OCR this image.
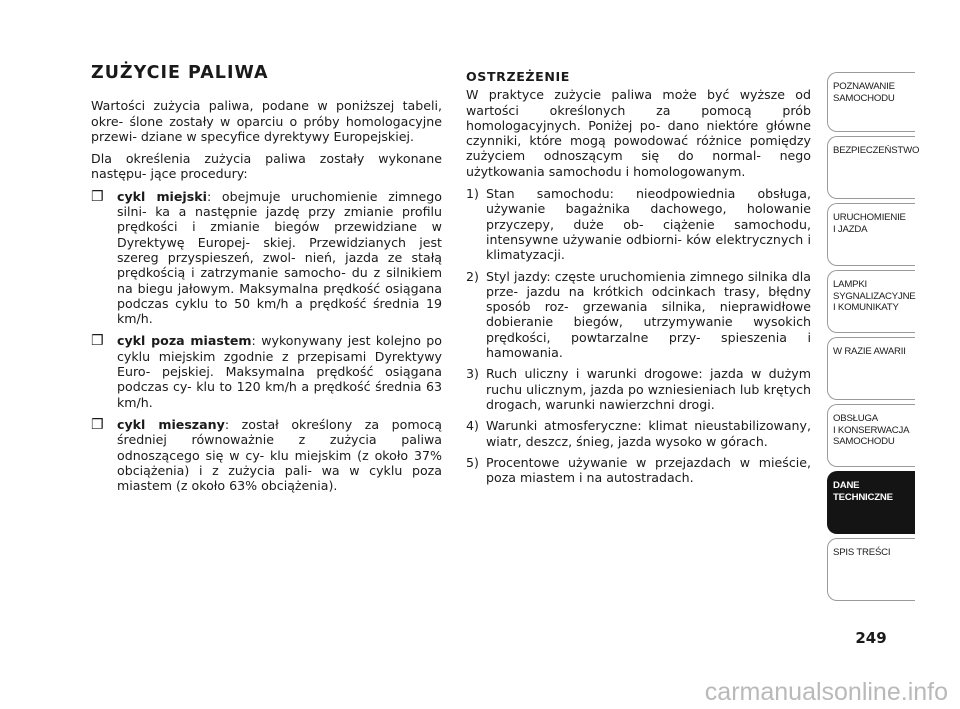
ZUŻYCIE PALIWA

Wartości zużycia paliwa, podane w poniższej tabeli, okre- ślone zostały w oparciu o próby homologacyjne przewi- dziane w specyfice dyrektywy Europejskiej.

Dla określenia zużycia paliwa zostały wykonane następu- jące procedury:

❒ cykl miejski: obejmuje uruchomienie zimnego silni- ka a następnie jazdę przy zmianie profilu prędkości i zmianie biegów przewidziane w Dyrektywę Europej- skiej. Przewidzianych jest szereg przyspieszeń, zwol- nień, jazda ze stałą prędkością i zatrzymanie samocho- du z silnikiem na biegu jałowym. Maksymalna prędkość osiągana podczas cyklu to 50 km/h a prędkość średnia 19 km/h.
❒ cykl poza miastem: wykonywany jest kolejno po cyklu miejskim zgodnie z przepisami Dyrektywy Euro- pejskiej. Maksymalna prędkość osiągana podczas cy- klu to 120 km/h a prędkość średnia 63 km/h.
❒ cykl mieszany: został określony za pomocą średniej równoważnie z zużycia paliwa odnoszącego się w cy- klu miejskim (z około 37% obciążenia) i z zużycia pali- wa w cyklu poza miastem (z około 63% obciążenia).
OSTRZEŻENIE

W praktyce zużycie paliwa może być wyższe od wartości określonych za pomocą prób homologacyjnych. Poniżej po- dano niektóre główne czynniki, które mogą powodować różnice pomiędzy zużyciem odnoszącym się do normal- nego użytkowania samochodu i homologowanym.

1) Stan samochodu: nieodpowiednia obsługa, używanie bagażnika dachowego, holowanie przyczepy, duże ob- ciążenie samochodu, intensywne używanie odbiorni- ków elektrycznych i klimatyzacji.
2) Styl jazdy: częste uruchomienia zimnego silnika dla prze- jazdu na krótkich odcinkach trasy, błędny sposób roz- grzewania silnika, nieprawidłowe dobieranie biegów, utrzymywanie wysokich prędkości, powtarzalne przy- spieszenia i hamowania.
3) Ruch uliczny i warunki drogowe: jazda w dużym ruchu ulicznym, jazda po wzniesieniach lub krętych drogach, warunki nawierzchni drogi.
4) Warunki atmosferyczne: klimat nieustabilizowany, wiatr, deszcz, śnieg, jazda wysoko w górach.
5) Procentowe używanie w przejazdach w mieście, poza miastem i na autostradach.
POZNAWANIE
SAMOCHODU
BEZPIECZEŃSTWO
URUCHOMIENIE
I JAZDA
LAMPKI
SYGNALIZACYJNE
I KOMUNIKATY
W RAZIE AWARII
OBSŁUGA
I KONSERWACJA
SAMOCHODU
DANE
TECHNICZNE
SPIS TREŚCI
249
carmanualsonline.info
